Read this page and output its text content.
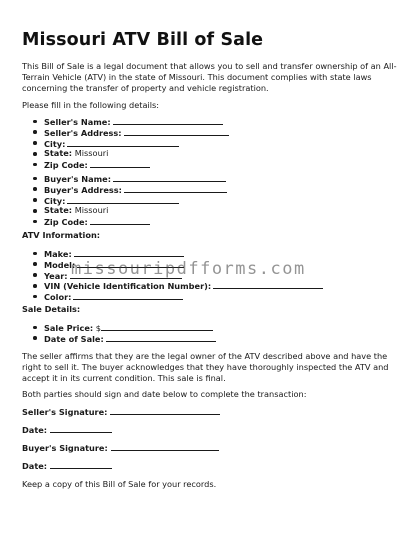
Missouri ATV Bill of Sale
This Bill of Sale is a legal document that allows you to sell and transfer ownership of an All-Terrain Vehicle (ATV) in the state of Missouri. This document complies with state laws concerning the transfer of property and vehicle registration.
Please fill in the following details:
Seller's Name:
Seller's Address:
City:
State: Missouri
Zip Code:
Buyer's Name:
Buyer's Address:
City:
State: Missouri
Zip Code:
ATV Information:
Make:
Model:
Year:
VIN (Vehicle Identification Number):
Color:
Sale Details:
Sale Price: $
Date of Sale:
The seller affirms that they are the legal owner of the ATV described above and have the right to sell it. The buyer acknowledges that they have thoroughly inspected the ATV and accept it in its current condition. This sale is final.
Both parties should sign and date below to complete the transaction:
Seller's Signature:
Date:
Buyer's Signature:
Date:
Keep a copy of this Bill of Sale for your records.
missouripdfforms.com
